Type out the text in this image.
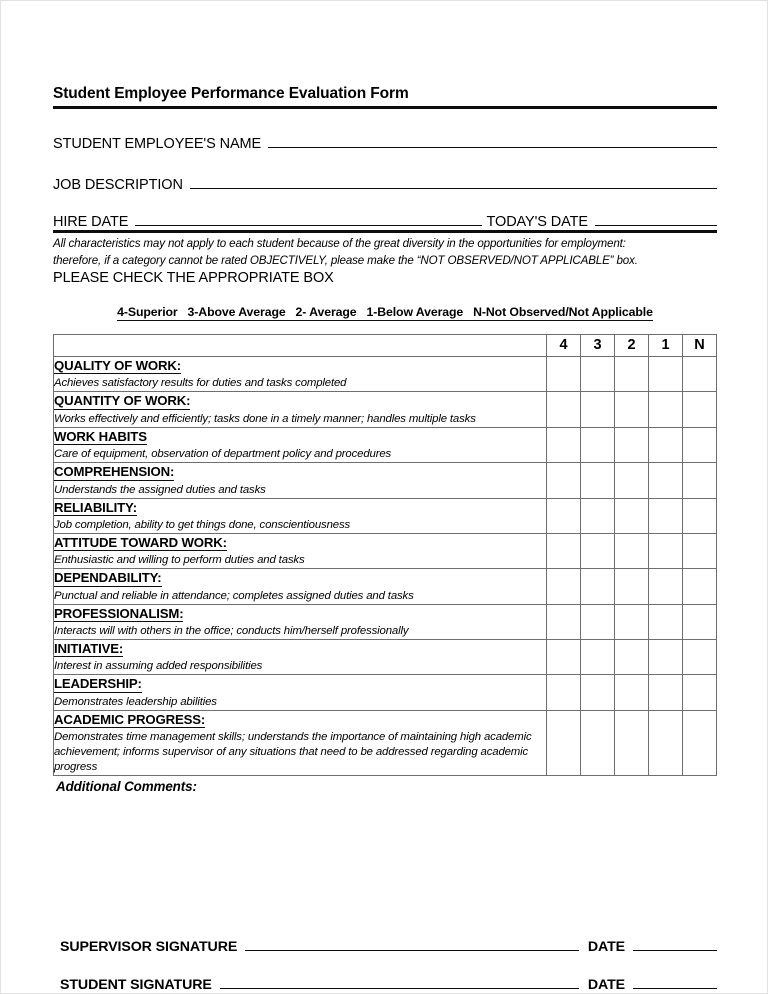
Student Employee Performance Evaluation Form
STUDENT EMPLOYEE'S NAME
JOB DESCRIPTION
HIRE DATE	TODAY'S DATE
All characteristics may not apply to each student because of the great diversity in the opportunities for employment:
therefore, if a category cannot be rated OBJECTIVELY, please make the “NOT OBSERVED/NOT APPLICABLE” box.
PLEASE CHECK THE APPROPRIATE BOX
4-Superior   3-Above Average   2- Average   1-Below Average   N-Not Observed/Not Applicable
	4	3	2	1	N
QUALITY OF WORK:
Achieves satisfactory results for duties and tasks completed					

QUANTITY OF WORK:
Works effectively and efficiently; tasks done in a timely manner; handles multiple tasks					

WORK HABITS
Care of equipment, observation of department policy and procedures					

COMPREHENSION:
Understands the assigned duties and tasks					

RELIABILITY:
Job completion, ability to get things done, conscientiousness					

ATTITUDE TOWARD WORK:
Enthusiastic and willing to perform duties and tasks					

DEPENDABILITY:
Punctual and reliable in attendance; completes assigned duties and tasks					

PROFESSIONALISM:
Interacts will with others in the office; conducts him/herself professionally					

INITIATIVE:
Interest in assuming added responsibilities					

LEADERSHIP:
Demonstrates leadership abilities					

ACADEMIC PROGRESS:
Demonstrates time management skills; understands the importance of maintaining high academic achievement; informs supervisor of any situations that need to be addressed regarding academic progress					

Additional Comments:
SUPERVISOR SIGNATURE	DATE
STUDENT SIGNATURE	DATE
